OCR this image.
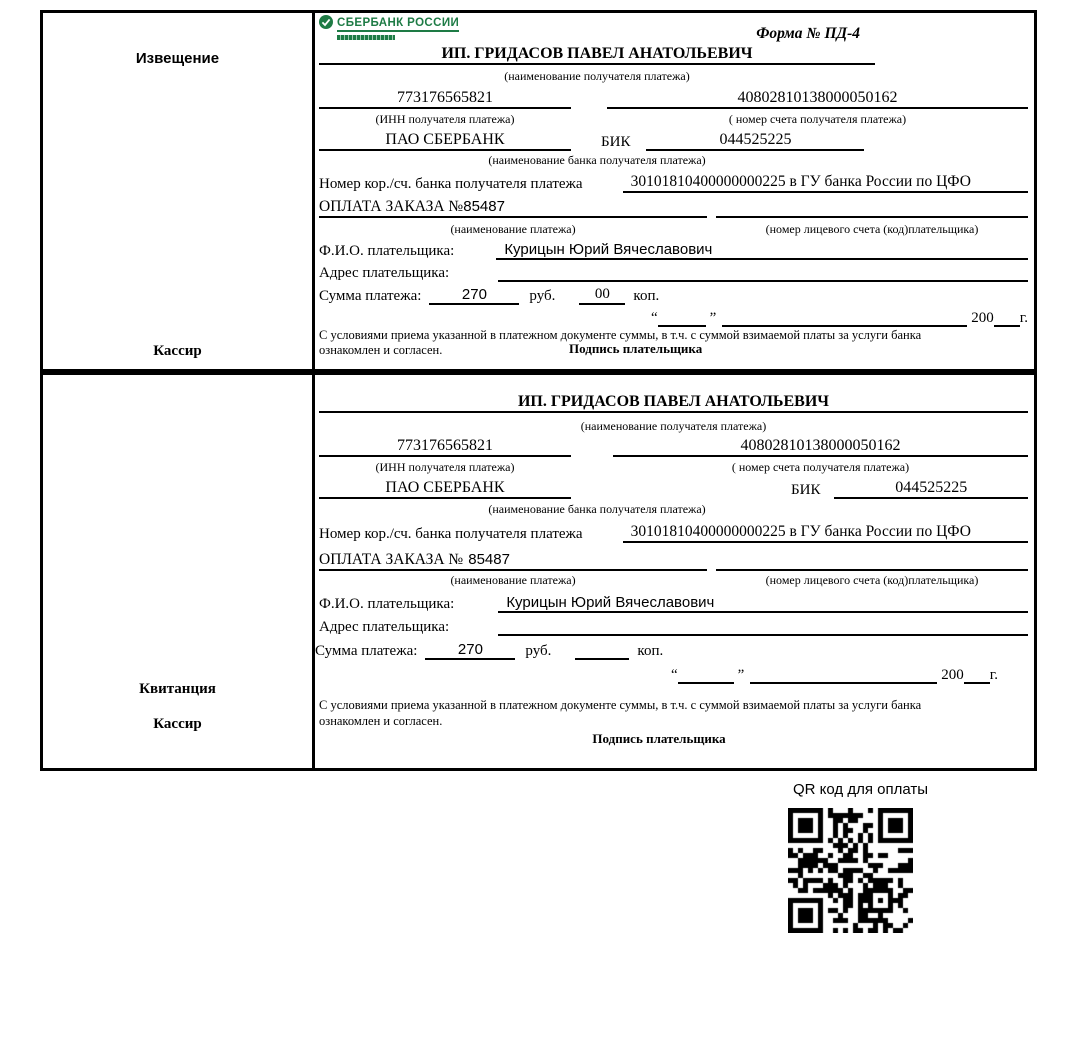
Извещение
Кассир
СБЕРБАНК РОССИИ
Форма № ПД-4
ИП. ГРИДАСОВ ПАВЕЛ АНАТОЛЬЕВИЧ
(наименование получателя платежа)
773176565821	40802810138000050162
(ИНН получателя платежа)	( номер счета получателя платежа)
ПАО СБЕРБАНК	БИК	044525225
(наименование банка получателя платежа)
Номер кор./сч. банка получателя платежа	30101810400000000225 в ГУ банка России по ЦФО
ОПЛАТА ЗАКАЗА №85487
(наименование платежа)	(номер лицевого счета (код)плательщика)
Ф.И.О. плательщика:	Курицын Юрий Вячеславович
Адрес плательщика:
Сумма платежа:	270	руб.	00	коп.
“	”	200 г.
С условиями приема указанной в платежном документе суммы, в т.ч. с суммой взимаемой платы за услуги банка
ознакомлен и согласен.	Подпись плательщика
Квитанция
Кассир
ИП. ГРИДАСОВ ПАВЕЛ АНАТОЛЬЕВИЧ
(наименование получателя платежа)
773176565821	40802810138000050162
(ИНН получателя платежа)	( номер счета получателя платежа)
ПАО СБЕРБАНК	БИК	044525225
(наименование банка получателя платежа)
Номер кор./сч. банка получателя платежа	30101810400000000225 в ГУ банка России по ЦФО
ОПЛАТА ЗАКАЗА № 85487
(наименование платежа)	(номер лицевого счета (код)плательщика)
Ф.И.О. плательщика:	Курицын Юрий Вячеславович
Адрес плательщика:
Сумма платежа:	270	руб.	коп.
“	”	200 г.
С условиями приема указанной в платежном документе суммы, в т.ч. с суммой взимаемой платы за услуги банка
ознакомлен и согласен.
Подпись плательщика
QR код для оплаты
